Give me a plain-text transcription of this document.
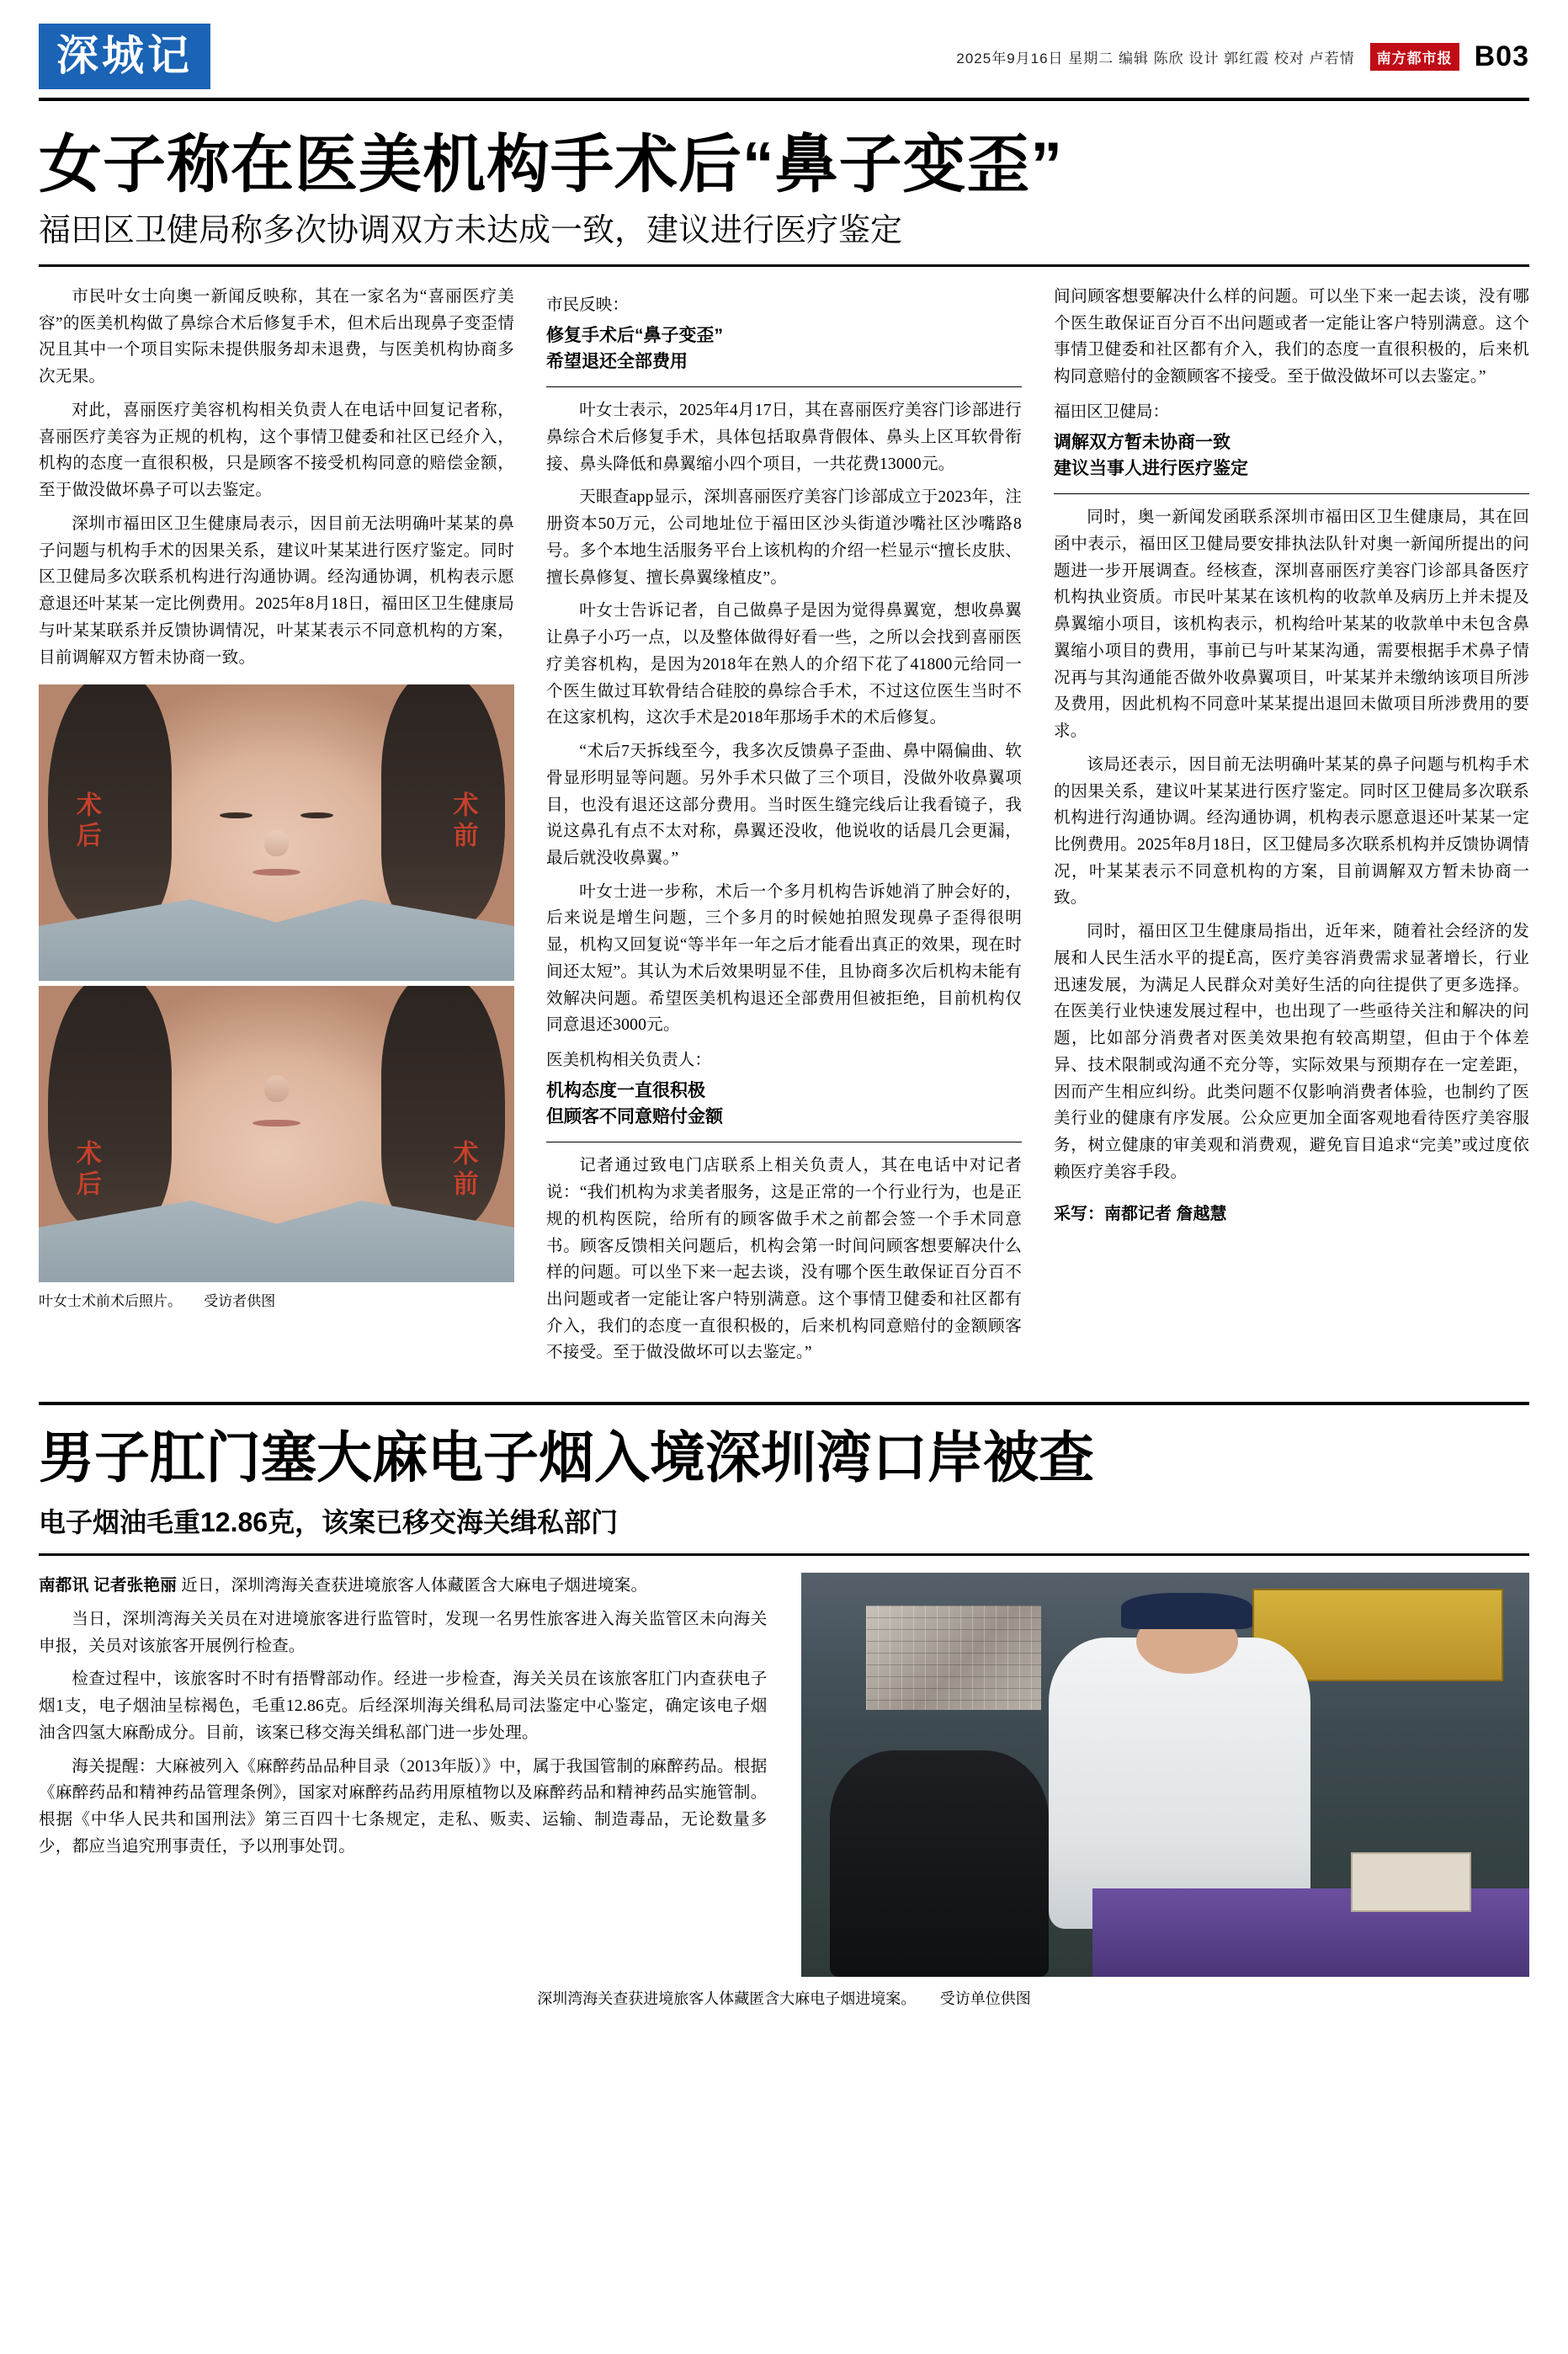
深城记	2025年9月16日 星期二 编辑 陈欣 设计 郭红霞 校对 卢若情	南方都市报 B03
女子称在医美机构手术后“鼻子变歪”
福田区卫健局称多次协调双方未达成一致，建议进行医疗鉴定

市民叶女士向奥一新闻反映称，其在一家名为“喜丽医疗美容”的医美机构做了鼻综合术后修复手术，但术后出现鼻子变歪情况且其中一个项目实际未提供服务却未退费，与医美机构协商多次无果。

对此，喜丽医疗美容机构相关负责人在电话中回复记者称，喜丽医疗美容为正规的机构，这个事情卫健委和社区已经介入，机构的态度一直很积极，只是顾客不接受机构同意的赔偿金额，至于做没做坏鼻子可以去鉴定。

深圳市福田区卫生健康局表示，因目前无法明确叶某某的鼻子问题与机构手术的因果关系，建议叶某某进行医疗鉴定。同时区卫健局多次联系机构进行沟通协调。经沟通协调，机构表示愿意退还叶某某一定比例费用。2025年8月18日，福田区卫生健康局与叶某某联系并反馈协调情况，叶某某表示不同意机构的方案，目前调解双方暂未协商一致。

术后	术前
术后	术前
叶女士术前术后照片。 受访者供图
市民反映：
修复手术后“鼻子变歪”
希望退还全部费用

叶女士表示，2025年4月17日，其在喜丽医疗美容门诊部进行鼻综合术后修复手术，具体包括取鼻背假体、鼻头上区耳软骨衔接、鼻头降低和鼻翼缩小四个项目，一共花费13000元。

天眼查app显示，深圳喜丽医疗美容门诊部成立于2023年，注册资本50万元，公司地址位于福田区沙头街道沙嘴社区沙嘴路8号。多个本地生活服务平台上该机构的介绍一栏显示“擅长皮肤、擅长鼻修复、擅长鼻翼缘植皮”。

叶女士告诉记者，自己做鼻子是因为觉得鼻翼宽，想收鼻翼让鼻子小巧一点，以及整体做得好看一些，之所以会找到喜丽医疗美容机构，是因为2018年在熟人的介绍下花了41800元给同一个医生做过耳软骨结合硅胶的鼻综合手术，不过这位医生当时不在这家机构，这次手术是2018年那场手术的术后修复。

“术后7天拆线至今，我多次反馈鼻子歪曲、鼻中隔偏曲、软骨显形明显等问题。另外手术只做了三个项目，没做外收鼻翼项目，也没有退还这部分费用。当时医生缝完线后让我看镜子，我说这鼻孔有点不太对称，鼻翼还没收，他说收的话晨几会更漏，最后就没收鼻翼。”

叶女士进一步称，术后一个多月机构告诉她消了肿会好的，后来说是增生问题，三个多月的时候她拍照发现鼻子歪得很明显，机构又回复说“等半年一年之后才能看出真正的效果，现在时间还太短”。其认为术后效果明显不佳，且协商多次后机构未能有效解决问题。希望医美机构退还全部费用但被拒绝，目前机构仅同意退还3000元。

医美机构相关负责人：
机构态度一直很积极
但顾客不同意赔付金额

记者通过致电门店联系上相关负责人，其在电话中对记者说：“我们机构为求美者服务，这是正常的一个行业行为，也是正规的机构医院，给所有的顾客做手术之前都会签一个手术同意书。顾客反馈相关问题后，机构会第一时间问顾客想要解决什么样的问题。可以坐下来一起去谈，没有哪个医生敢保证百分百不出问题或者一定能让客户特别满意。这个事情卫健委和社区都有介入，我们的态度一直很积极的，后来机构同意赔付的金额顾客不接受。至于做没做坏可以去鉴定。”

间问顾客想要解决什么样的问题。可以坐下来一起去谈，没有哪个医生敢保证百分百不出问题或者一定能让客户特别满意。这个事情卫健委和社区都有介入，我们的态度一直很积极的，后来机构同意赔付的金额顾客不接受。至于做没做坏可以去鉴定。”

福田区卫健局：
调解双方暂未协商一致
建议当事人进行医疗鉴定

同时，奥一新闻发函联系深圳市福田区卫生健康局，其在回函中表示，福田区卫健局要安排执法队针对奥一新闻所提出的问题进一步开展调查。经核查，深圳喜丽医疗美容门诊部具备医疗机构执业资质。市民叶某某在该机构的收款单及病历上并未提及鼻翼缩小项目，该机构表示，机构给叶某某的收款单中未包含鼻翼缩小项目的费用，事前已与叶某某沟通，需要根据手术鼻子情况再与其沟通能否做外收鼻翼项目，叶某某并未缴纳该项目所涉及费用，因此机构不同意叶某某提出退回未做项目所涉费用的要求。

该局还表示，因目前无法明确叶某某的鼻子问题与机构手术的因果关系，建议叶某某进行医疗鉴定。同时区卫健局多次联系机构进行沟通协调。经沟通协调，机构表示愿意退还叶某某一定比例费用。2025年8月18日，区卫健局多次联系机构并反馈协调情况，叶某某表示不同意机构的方案，目前调解双方暂未协商一致。

同时，福田区卫生健康局指出，近年来，随着社会经济的发展和人民生活水平的提Ě高，医疗美容消费需求显著增长，行业迅速发展，为满足人民群众对美好生活的向往提供了更多选择。在医美行业快速发展过程中，也出现了一些亟待关注和解决的问题，比如部分消费者对医美效果抱有较高期望，但由于个体差异、技术限制或沟通不充分等，实际效果与预期存在一定差距，因而产生相应纠纷。此类问题不仅影响消费者体验，也制约了医美行业的健康有序发展。公众应更加全面客观地看待医疗美容服务，树立健康的审美观和消费观，避免盲目追求“完美”或过度依赖医疗美容手段。

采写：南都记者 詹越慧
男子肛门塞大麻电子烟入境深圳湾口岸被查
电子烟油毛重12.86克，该案已移交海关缉私部门

南都讯 记者张艳丽 近日，深圳湾海关查获进境旅客人体藏匿含大麻电子烟进境案。

当日，深圳湾海关关员在对进境旅客进行监管时，发现一名男性旅客进入海关监管区未向海关申报，关员对该旅客开展例行检查。

检查过程中，该旅客时不时有捂臀部动作。经进一步检查，海关关员在该旅客肛门内查获电子烟1支，电子烟油呈棕褐色，毛重12.86克。后经深圳海关缉私局司法鉴定中心鉴定，确定该电子烟油含四氢大麻酚成分。目前，该案已移交海关缉私部门进一步处理。

海关提醒：大麻被列入《麻醉药品品种目录（2013年版）》中，属于我国管制的麻醉药品。根据《麻醉药品和精神药品管理条例》，国家对麻醉药品药用原植物以及麻醉药品和精神药品实施管制。根据《中华人民共和国刑法》第三百四十七条规定，走私、贩卖、运输、制造毒品，无论数量多少，都应当追究刑事责任，予以刑事处罚。

深圳湾海关查获进境旅客人体藏匿含大麻电子烟进境案。 受访单位供图
